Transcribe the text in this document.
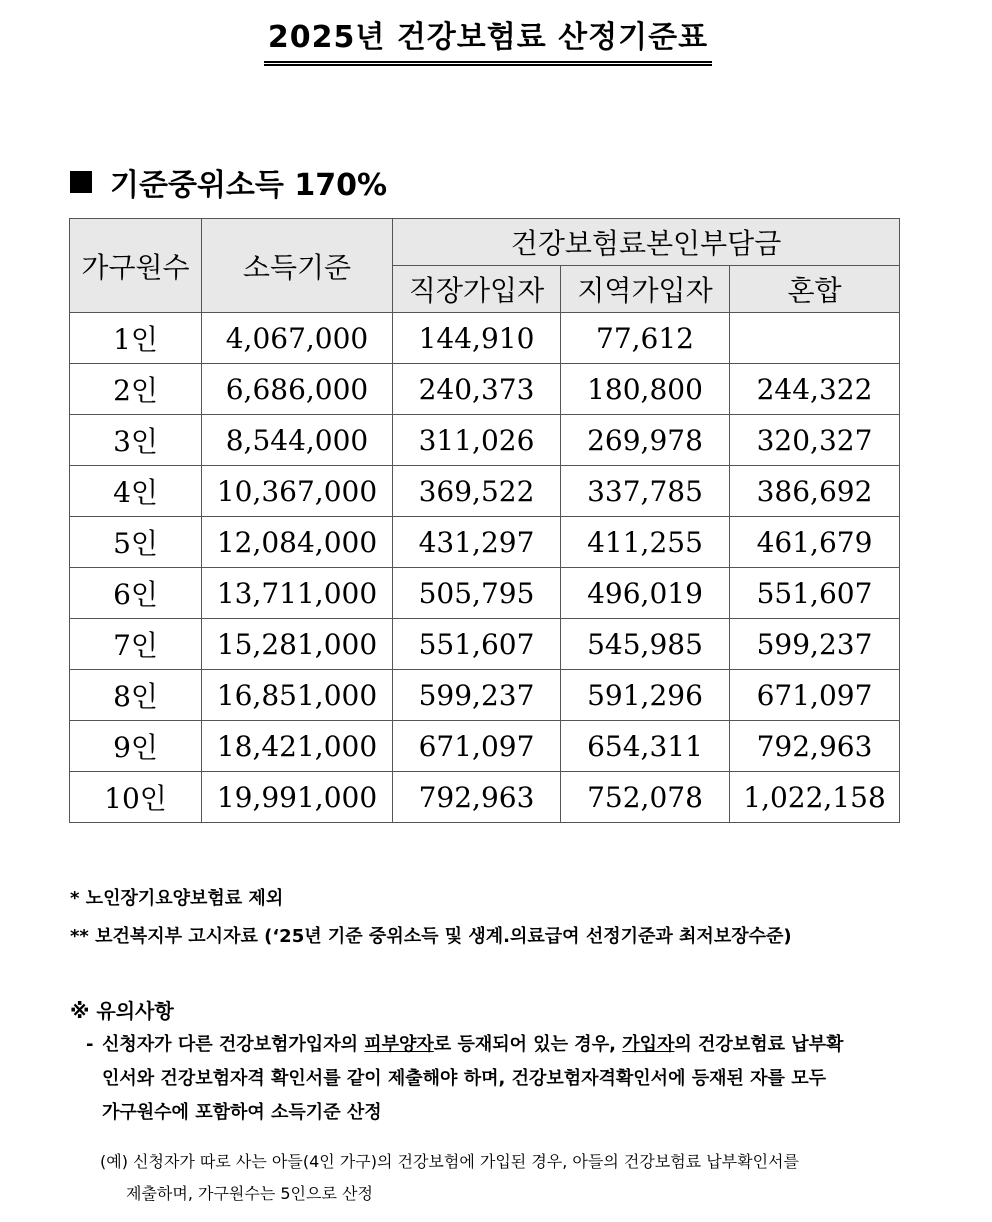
2025년 건강보험료 산정기준표
기준중위소득 170%
가구원수	소득기준	건강보험료본인부담금		
		직장가입자	지역가입자	혼합
1인	4,067,000	144,910	77,612	
2인	6,686,000	240,373	180,800	244,322
3인	8,544,000	311,026	269,978	320,327
4인	10,367,000	369,522	337,785	386,692
5인	12,084,000	431,297	411,255	461,679
6인	13,711,000	505,795	496,019	551,607
7인	15,281,000	551,607	545,985	599,237
8인	16,851,000	599,237	591,296	671,097
9인	18,421,000	671,097	654,311	792,963
10인	19,991,000	792,963	752,078	1,022,158
* 노인장기요양보험료 제외
** 보건복지부 고시자료 (‘25년 기준 중위소득 및 생계.의료급여 선정기준과 최저보장수준)
※ 유의사항
- 신청자가 다른 건강보험가입자의 피부양자로 등재되어 있는 경우, 가입자의 건강보험료 납부확
인서와 건강보험자격 확인서를 같이 제출해야 하며, 건강보험자격확인서에 등재된 자를 모두
가구원수에 포함하여 소득기준 산정
(예) 신청자가 따로 사는 아들(4인 가구)의 건강보험에 가입된 경우, 아들의 건강보험료 납부확인서를
제출하며, 가구원수는 5인으로 산정
